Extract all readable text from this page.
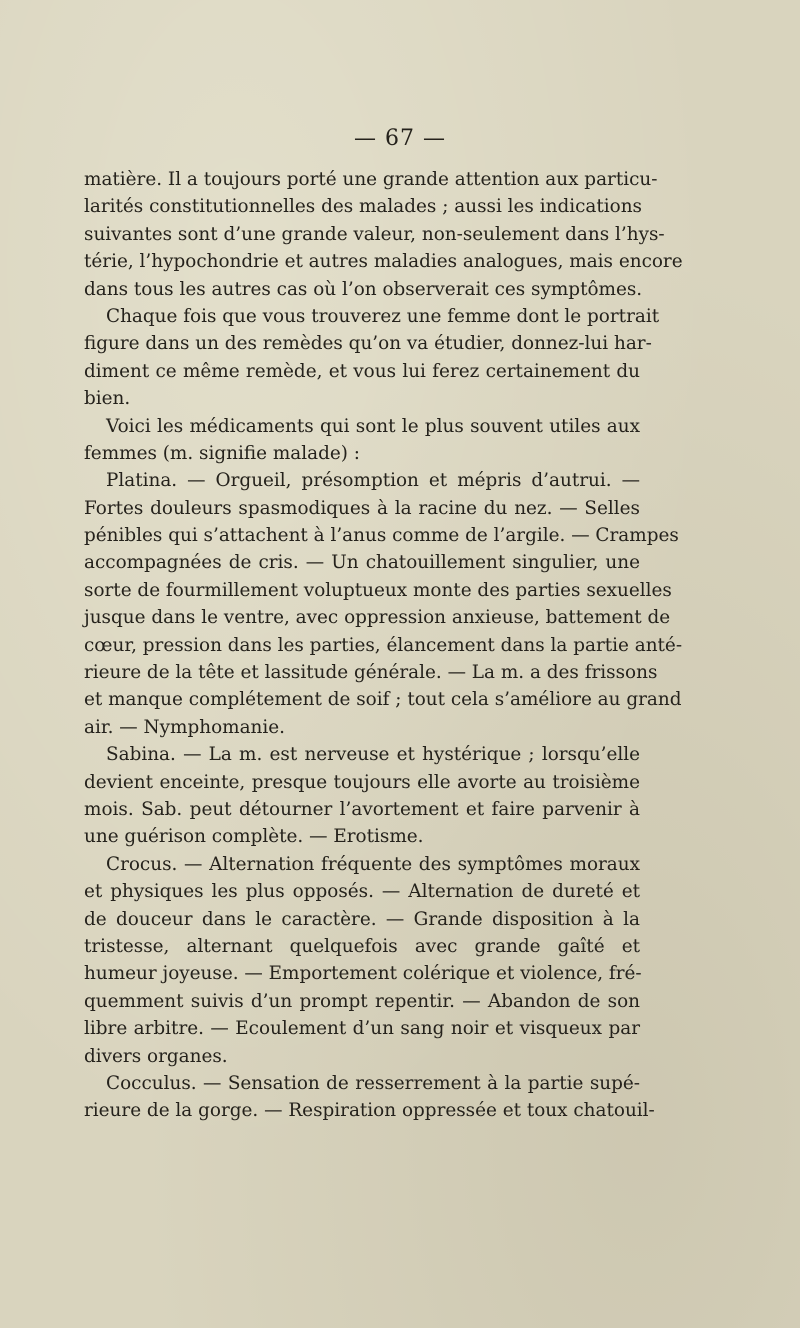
— 67 —
matière. Il a toujours porté une grande attention aux particu-
larités constitutionnelles des malades ; aussi les indications
suivantes sont d’une grande valeur, non-seulement dans l’hys-
térie, l’hypochondrie et autres maladies analogues, mais encore
dans tous les autres cas où l’on observerait ces symptômes.
Chaque fois que vous trouverez une femme dont le portrait
figure dans un des remèdes qu’on va étudier, donnez-lui har-
diment ce même remède, et vous lui ferez certainement du
bien.
Voici les médicaments qui sont le plus souvent utiles aux
femmes (m. signifie malade) :
Platina. — Orgueil, présomption et mépris d’autrui. —
Fortes douleurs spasmodiques à la racine du nez. — Selles
pénibles qui s’attachent à l’anus comme de l’argile. — Crampes
accompagnées de cris. — Un chatouillement singulier, une
sorte de fourmillement voluptueux monte des parties sexuelles
jusque dans le ventre, avec oppression anxieuse, battement de
cœur, pression dans les parties, élancement dans la partie anté-
rieure de la tête et lassitude générale. — La m. a des frissons
et manque complétement de soif ; tout cela s’améliore au grand
air. — Nymphomanie.
Sabina. — La m. est nerveuse et hystérique ; lorsqu’elle
devient enceinte, presque toujours elle avorte au troisième
mois. Sab. peut détourner l’avortement et faire parvenir à
une guérison complète. — Erotisme.
Crocus. — Alternation fréquente des symptômes moraux
et physiques les plus opposés. — Alternation de dureté et
de douceur dans le caractère. — Grande disposition à la
tristesse, alternant quelquefois avec grande gaîté et
humeur joyeuse. — Emportement colérique et violence, fré-
quemment suivis d’un prompt repentir. — Abandon de son
libre arbitre. — Ecoulement d’un sang noir et visqueux par
divers organes.
Cocculus. — Sensation de resserrement à la partie supé-
rieure de la gorge. — Respiration oppressée et toux chatouil-
